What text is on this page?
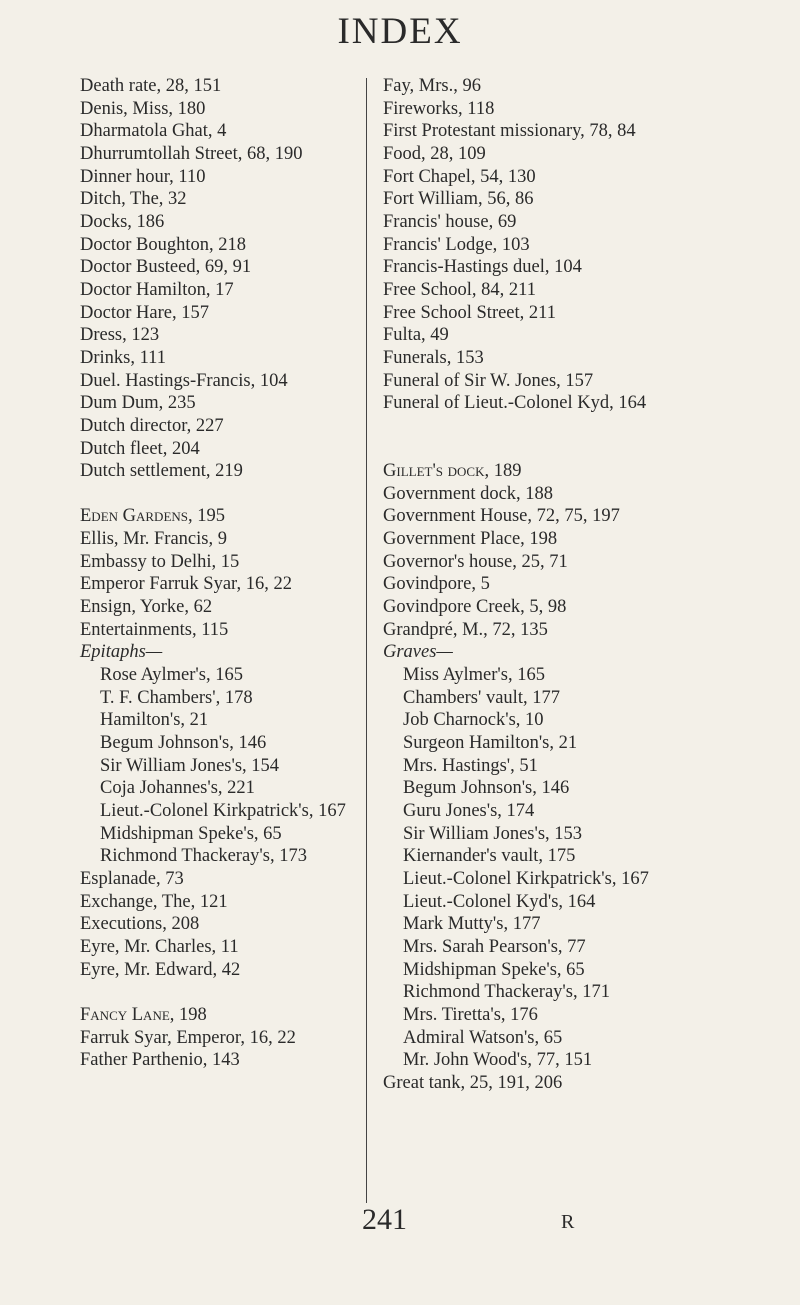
INDEX
Death rate, 28, 151
Denis, Miss, 180
Dharmatola Ghat, 4
Dhurrumtollah Street, 68, 190
Dinner hour, 110
Ditch, The, 32
Docks, 186
Doctor Boughton, 218
Doctor Busteed, 69, 91
Doctor Hamilton, 17
Doctor Hare, 157
Dress, 123
Drinks, 111
Duel. Hastings-Francis, 104
Dum Dum, 235
Dutch director, 227
Dutch fleet, 204
Dutch settlement, 219
Eden Gardens, 195
Ellis, Mr. Francis, 9
Embassy to Delhi, 15
Emperor Farruk Syar, 16, 22
Ensign, Yorke, 62
Entertainments, 115
Epitaphs—
Rose Aylmer's, 165
T. F. Chambers', 178
Hamilton's, 21
Begum Johnson's, 146
Sir William Jones's, 154
Coja Johannes's, 221
Lieut.-Colonel Kirkpatrick's, 167
Midshipman Speke's, 65
Richmond Thackeray's, 173
Esplanade, 73
Exchange, The, 121
Executions, 208
Eyre, Mr. Charles, 11
Eyre, Mr. Edward, 42
Fancy Lane, 198
Farruk Syar, Emperor, 16, 22
Father Parthenio, 143
Fay, Mrs., 96
Fireworks, 118
First Protestant missionary, 78, 84
Food, 28, 109
Fort Chapel, 54, 130
Fort William, 56, 86
Francis' house, 69
Francis' Lodge, 103
Francis-Hastings duel, 104
Free School, 84, 211
Free School Street, 211
Fulta, 49
Funerals, 153
Funeral of Sir W. Jones, 157
Funeral of Lieut.-Colonel Kyd, 164
Gillet's dock, 189
Government dock, 188
Government House, 72, 75, 197
Government Place, 198
Governor's house, 25, 71
Govindpore, 5
Govindpore Creek, 5, 98
Grandpré, M., 72, 135
Graves—
Miss Aylmer's, 165
Chambers' vault, 177
Job Charnock's, 10
Surgeon Hamilton's, 21
Mrs. Hastings', 51
Begum Johnson's, 146
Guru Jones's, 174
Sir William Jones's, 153
Kiernander's vault, 175
Lieut.-Colonel Kirkpatrick's, 167
Lieut.-Colonel Kyd's, 164
Mark Mutty's, 177
Mrs. Sarah Pearson's, 77
Midshipman Speke's, 65
Richmond Thackeray's, 171
Mrs. Tiretta's, 176
Admiral Watson's, 65
Mr. John Wood's, 77, 151
Great tank, 25, 191, 206
241	R
